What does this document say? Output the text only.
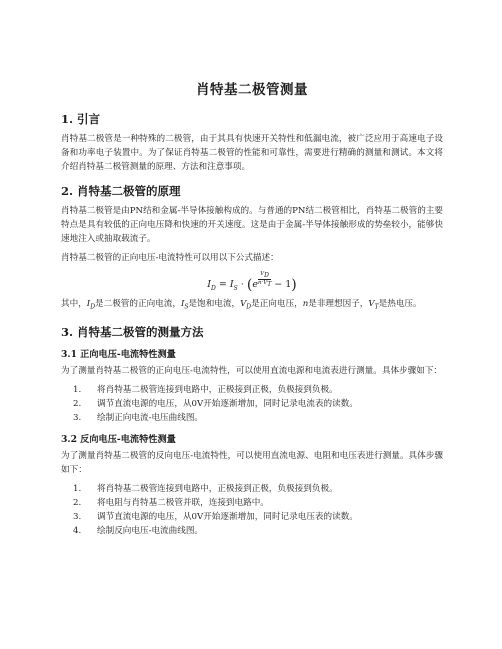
肖特基二极管测量
1. 引言

肖特基二极管是一种特殊的二极管，由于其具有快速开关特性和低漏电流，被广泛应用于高速电子设备和功率电子装置中。为了保证肖特基二极管的性能和可靠性，需要进行精确的测量和测试。本文将介绍肖特基二极管测量的原理、方法和注意事项。

2. 肖特基二极管的原理

肖特基二极管是由PN结和金属-半导体接触构成的。与普通的PN结二极管相比，肖特基二极管的主要特点是具有较低的正向电压降和快速的开关速度。这是由于金属-半导体接触形成的势垒较小，能够快速地注入或抽取载流子。

肖特基二极管的正向电压-电流特性可以用以下公式描述：

$I_D = I_S \cdot (e \frac{V_D}{n\cdot V_T} - 1)$

其中，$I_D$是二极管的正向电流，$I_S$是饱和电流，$V_D$是正向电压，n是非理想因子，$V_T$是热电压。

3. 肖特基二极管的测量方法
3.1 正向电压-电流特性测量

为了测量肖特基二极管的正向电压-电流特性，可以使用直流电源和电流表进行测量。具体步骤如下：

1.	将肖特基二极管连接到电路中，正极接到正极，负极接到负极。
2.	调节直流电源的电压，从0V开始逐渐增加，同时记录电流表的读数。
3.	绘制正向电流-电压曲线图。
3.2 反向电压-电流特性测量

为了测量肖特基二极管的反向电压-电流特性，可以使用直流电源、电阻和电压表进行测量。具体步骤如下：

1.	将肖特基二极管连接到电路中，正极接到正极，负极接到负极。
2.	将电阻与肖特基二极管并联，连接到电路中。
3.	调节直流电源的电压，从0V开始逐渐增加，同时记录电压表的读数。
4.	绘制反向电压-电流曲线图。
